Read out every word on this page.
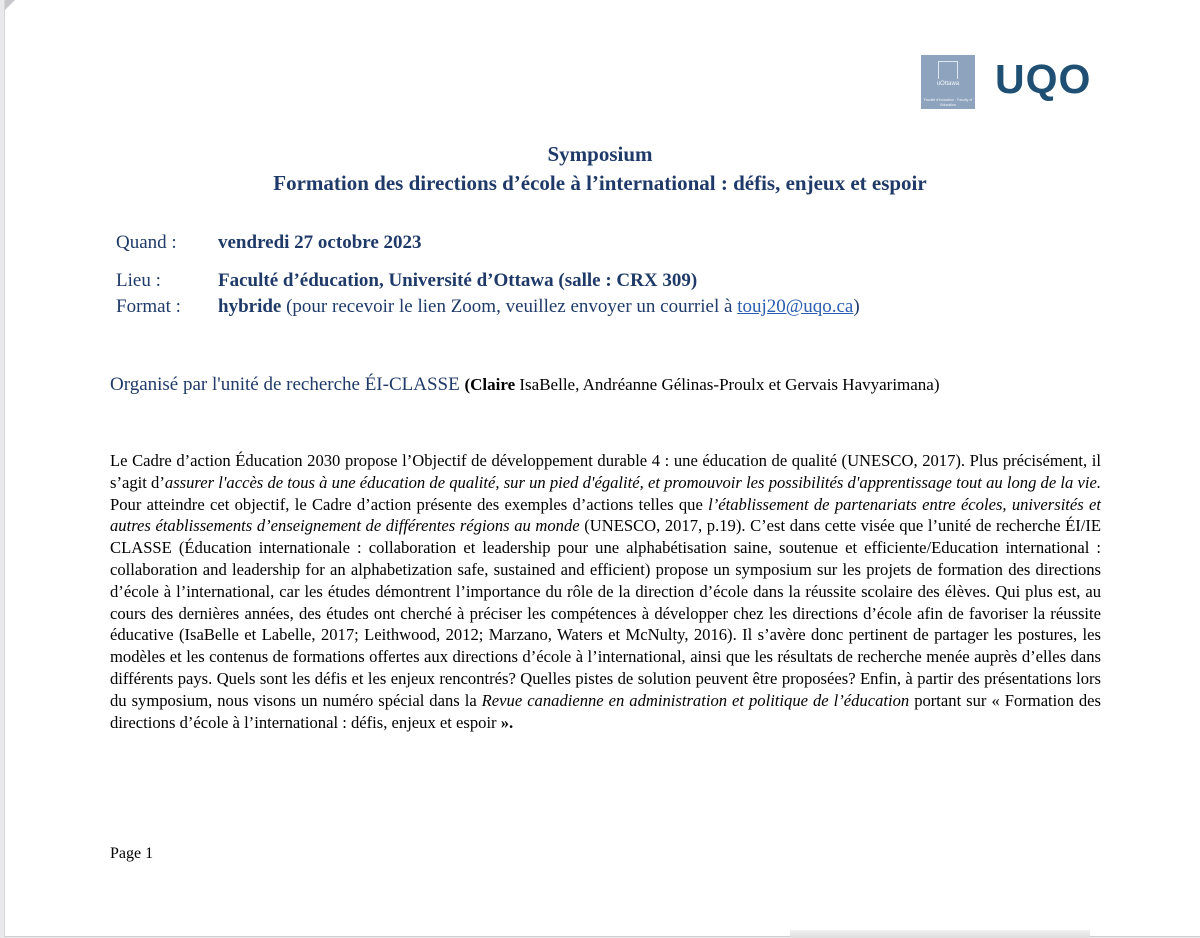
uOttawa
Faculté d'éducation · Faculty of Education
UQO
Symposium
Formation des directions d’école à l’international : défis, enjeux et espoir
Quand :	vendredi 27 octobre 2023
Lieu :	Faculté d’éducation, Université d’Ottawa (salle : CRX 309)
Format :	hybride (pour recevoir le lien Zoom, veuillez envoyer un courriel à touj20@uqo.ca)
Organisé par l'unité de recherche ÉI-CLASSE (Claire IsaBelle, Andréanne Gélinas-Proulx et Gervais Havyarimana)
Le Cadre d’action Éducation 2030 propose l’Objectif de développement durable 4 : une éducation de qualité (UNESCO, 2017). Plus précisément, il s’agit d’assurer l'accès de tous à une éducation de qualité, sur un pied d'égalité, et promouvoir les possibilités d'apprentissage tout au long de la vie. Pour atteindre cet objectif, le Cadre d’action présente des exemples d’actions telles que l’établissement de partenariats entre écoles, universités et autres établissements d’enseignement de différentes régions au monde (UNESCO, 2017, p.19). C’est dans cette visée que l’unité de recherche ÉI/IE CLASSE (Éducation internationale : collaboration et leadership pour une alphabétisation saine, soutenue et efficiente/Education international : collaboration and leadership for an alphabetization safe, sustained and efficient) propose un symposium sur les projets de formation des directions d’école à l’international, car les études démontrent l’importance du rôle de la direction d’école dans la réussite scolaire des élèves. Qui plus est, au cours des dernières années, des études ont cherché à préciser les compétences à développer chez les directions d’école afin de favoriser la réussite éducative (IsaBelle et Labelle, 2017; Leithwood, 2012; Marzano, Waters et McNulty, 2016). Il s’avère donc pertinent de partager les postures, les modèles et les contenus de formations offertes aux directions d’école à l’international, ainsi que les résultats de recherche menée auprès d’elles dans différents pays. Quels sont les défis et les enjeux rencontrés? Quelles pistes de solution peuvent être proposées? Enfin, à partir des présentations lors du symposium, nous visons un numéro spécial dans la Revue canadienne en administration et politique de l’éducation portant sur « Formation des directions d’école à l’international : défis, enjeux et espoir ».
Page 1
